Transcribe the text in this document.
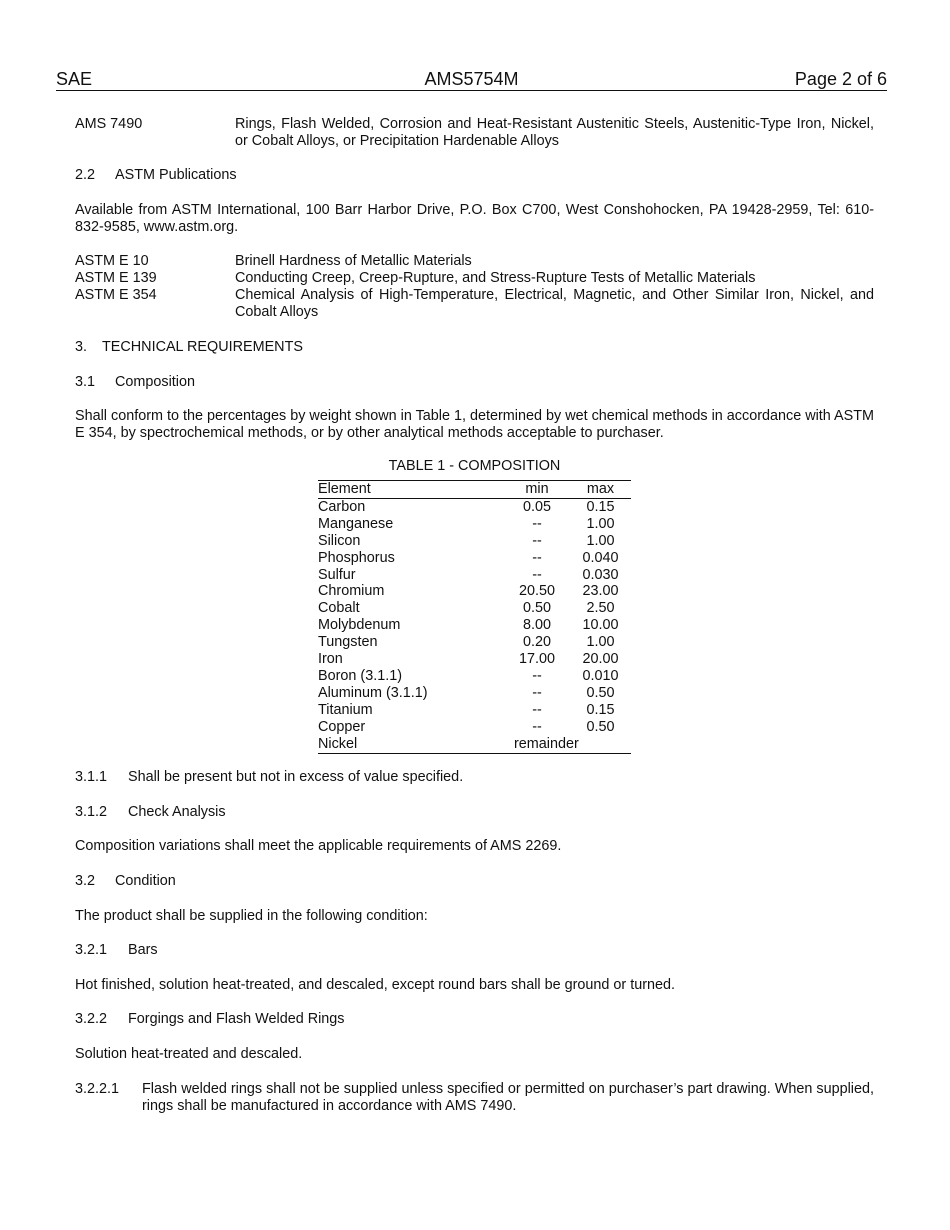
AMS5754M
SAE	Page 2 of 6
AMS 7490	Rings, Flash Welded, Corrosion and Heat-Resistant Austenitic Steels, Austenitic-Type Iron, Nickel, or Cobalt Alloys, or Precipitation Hardenable Alloys
2.2 ASTM Publications
Available from ASTM International, 100 Barr Harbor Drive, P.O. Box C700, West Conshohocken, PA 19428-2959, Tel: 610-832-9585, www.astm.org.
ASTM E 10	Brinell Hardness of Metallic Materials
ASTM E 139	Conducting Creep, Creep-Rupture, and Stress-Rupture Tests of Metallic Materials
ASTM E 354	Chemical Analysis of High-Temperature, Electrical, Magnetic, and Other Similar Iron, Nickel, and Cobalt Alloys
3. TECHNICAL REQUIREMENTS
3.1 Composition
Shall conform to the percentages by weight shown in Table 1, determined by wet chemical methods in accordance with ASTM E 354, by spectrochemical methods, or by other analytical methods acceptable to purchaser.
TABLE 1 - COMPOSITION
Element	min	max
Carbon	0.05	0.15
Manganese	--	1.00
Silicon	--	1.00
Phosphorus	--	0.040
Sulfur	--	0.030
Chromium	20.50	23.00
Cobalt	0.50	2.50
Molybdenum	8.00	10.00
Tungsten	0.20	1.00
Iron	17.00	20.00
Boron (3.1.1)	--	0.010
Aluminum (3.1.1)	--	0.50
Titanium	--	0.15
Copper	--	0.50
Nickel	remainder	
3.1.1 Shall be present but not in excess of value specified.
3.1.2 Check Analysis
Composition variations shall meet the applicable requirements of AMS 2269.
3.2 Condition
The product shall be supplied in the following condition:
3.2.1 Bars
Hot finished, solution heat-treated, and descaled, except round bars shall be ground or turned.
3.2.2 Forgings and Flash Welded Rings
Solution heat-treated and descaled.
3.2.2.1 Flash welded rings shall not be supplied unless specified or permitted on purchaser’s part drawing. When supplied, rings shall be manufactured in accordance with AMS 7490.
